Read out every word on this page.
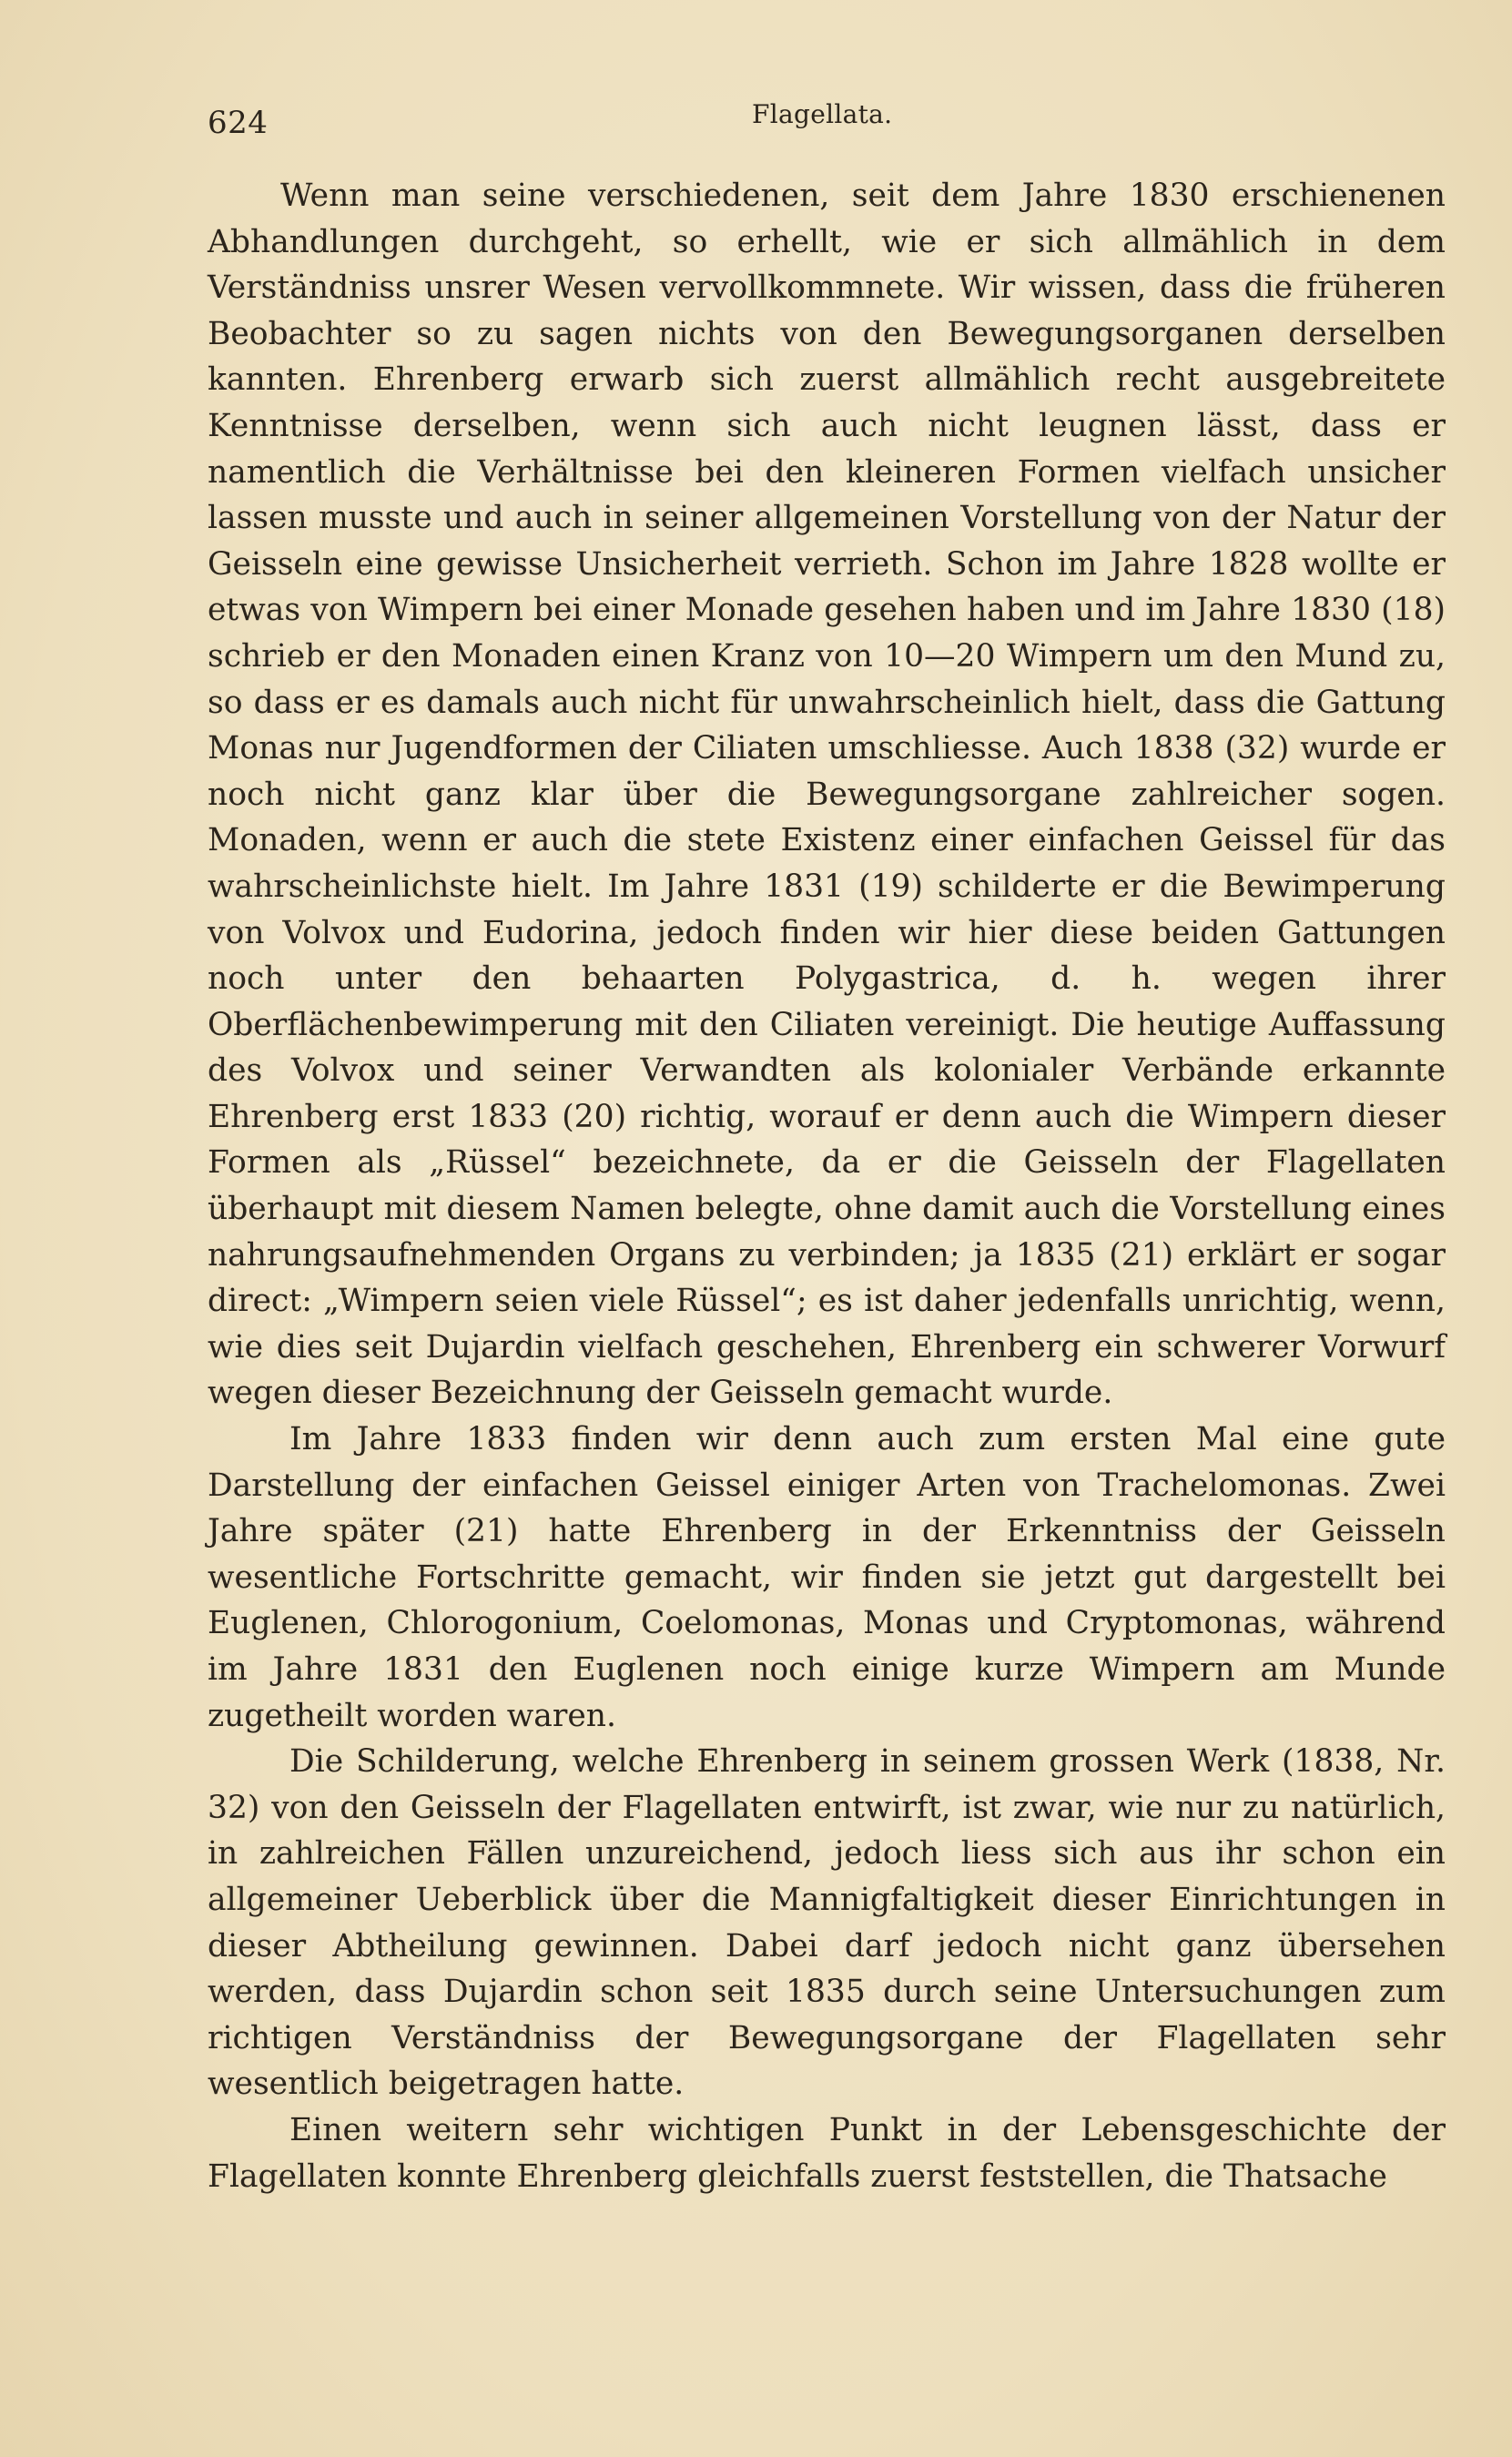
624	Flagellata.

Wenn man seine verschiedenen, seit dem Jahre 1830 erschienenen Abhandlungen durchgeht, so erhellt, wie er sich allmählich in dem Verständniss unsrer Wesen vervollkommnete. Wir wissen, dass die früheren Beobachter so zu sagen nichts von den Bewegungsorganen derselben kannten. Ehrenberg erwarb sich zuerst allmählich recht ausgebreitete Kenntnisse derselben, wenn sich auch nicht leugnen lässt, dass er namentlich die Verhältnisse bei den kleineren Formen vielfach unsicher lassen musste und auch in seiner allgemeinen Vorstellung von der Natur der Geisseln eine gewisse Unsicherheit verrieth. Schon im Jahre 1828 wollte er etwas von Wimpern bei einer Monade gesehen haben und im Jahre 1830 (18) schrieb er den Monaden einen Kranz von 10—20 Wimpern um den Mund zu, so dass er es damals auch nicht für unwahrscheinlich hielt, dass die Gattung Monas nur Jugendformen der Ciliaten umschliesse. Auch 1838 (32) wurde er noch nicht ganz klar über die Bewegungsorgane zahlreicher sogen. Monaden, wenn er auch die stete Existenz einer einfachen Geissel für das wahrscheinlichste hielt. Im Jahre 1831 (19) schilderte er die Bewimperung von Volvox und Eudorina, jedoch finden wir hier diese beiden Gattungen noch unter den behaarten Polygastrica, d. h. wegen ihrer Oberflächenbewimperung mit den Ciliaten vereinigt. Die heutige Auffassung des Volvox und seiner Verwandten als kolonialer Verbände erkannte Ehrenberg erst 1833 (20) richtig, worauf er denn auch die Wimpern dieser Formen als „Rüssel“ bezeichnete, da er die Geisseln der Flagellaten überhaupt mit diesem Namen belegte, ohne damit auch die Vorstellung eines nahrungsaufnehmenden Organs zu verbinden; ja 1835 (21) erklärt er sogar direct: „Wimpern seien viele Rüssel“; es ist daher jedenfalls unrichtig, wenn, wie dies seit Dujardin vielfach geschehen, Ehrenberg ein schwerer Vorwurf wegen dieser Bezeichnung der Geisseln gemacht wurde.

Im Jahre 1833 finden wir denn auch zum ersten Mal eine gute Darstellung der einfachen Geissel einiger Arten von Trachelomonas. Zwei Jahre später (21) hatte Ehrenberg in der Erkenntniss der Geisseln wesentliche Fortschritte gemacht, wir finden sie jetzt gut dargestellt bei Euglenen, Chlorogonium, Coelomonas, Monas und Cryptomonas, während im Jahre 1831 den Euglenen noch einige kurze Wimpern am Munde zugetheilt worden waren.

Die Schilderung, welche Ehrenberg in seinem grossen Werk (1838, Nr. 32) von den Geisseln der Flagellaten entwirft, ist zwar, wie nur zu natürlich, in zahlreichen Fällen unzureichend, jedoch liess sich aus ihr schon ein allgemeiner Ueberblick über die Mannigfaltigkeit dieser Einrichtungen in dieser Abtheilung gewinnen. Dabei darf jedoch nicht ganz übersehen werden, dass Dujardin schon seit 1835 durch seine Untersuchungen zum richtigen Verständniss der Bewegungsorgane der Flagellaten sehr wesentlich beigetragen hatte.

Einen weitern sehr wichtigen Punkt in der Lebensgeschichte der Flagellaten konnte Ehrenberg gleichfalls zuerst feststellen, die Thatsache
